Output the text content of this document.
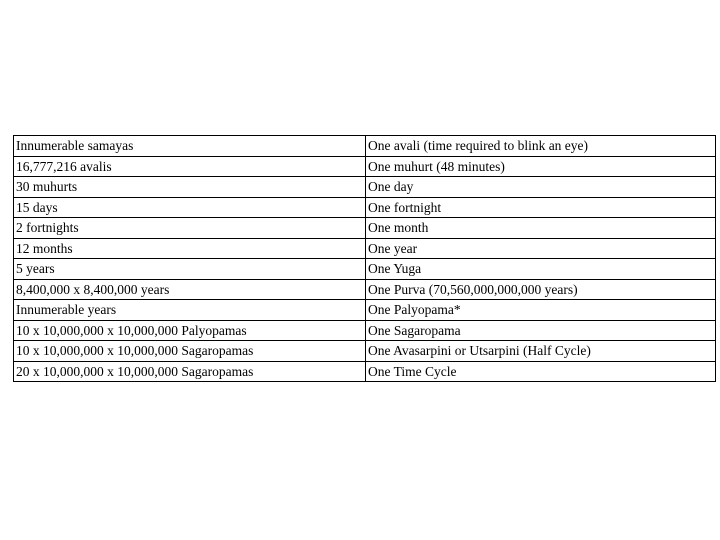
Innumerable samayas	One avali (time required to blink an eye)
16,777,216 avalis	One muhurt (48 minutes)
30 muhurts	One day
15 days	One fortnight
2 fortnights	One month
12 months	One year
5 years	One Yuga
8,400,000 x 8,400,000 years	One Purva (70,560,000,000,000 years)
Innumerable years	One Palyopama*
10 x 10,000,000 x 10,000,000 Palyopamas	One Sagaropama
10 x 10,000,000 x 10,000,000 Sagaropamas	One Avasarpini or Utsarpini (Half Cycle)
20 x 10,000,000 x 10,000,000 Sagaropamas	One Time Cycle
